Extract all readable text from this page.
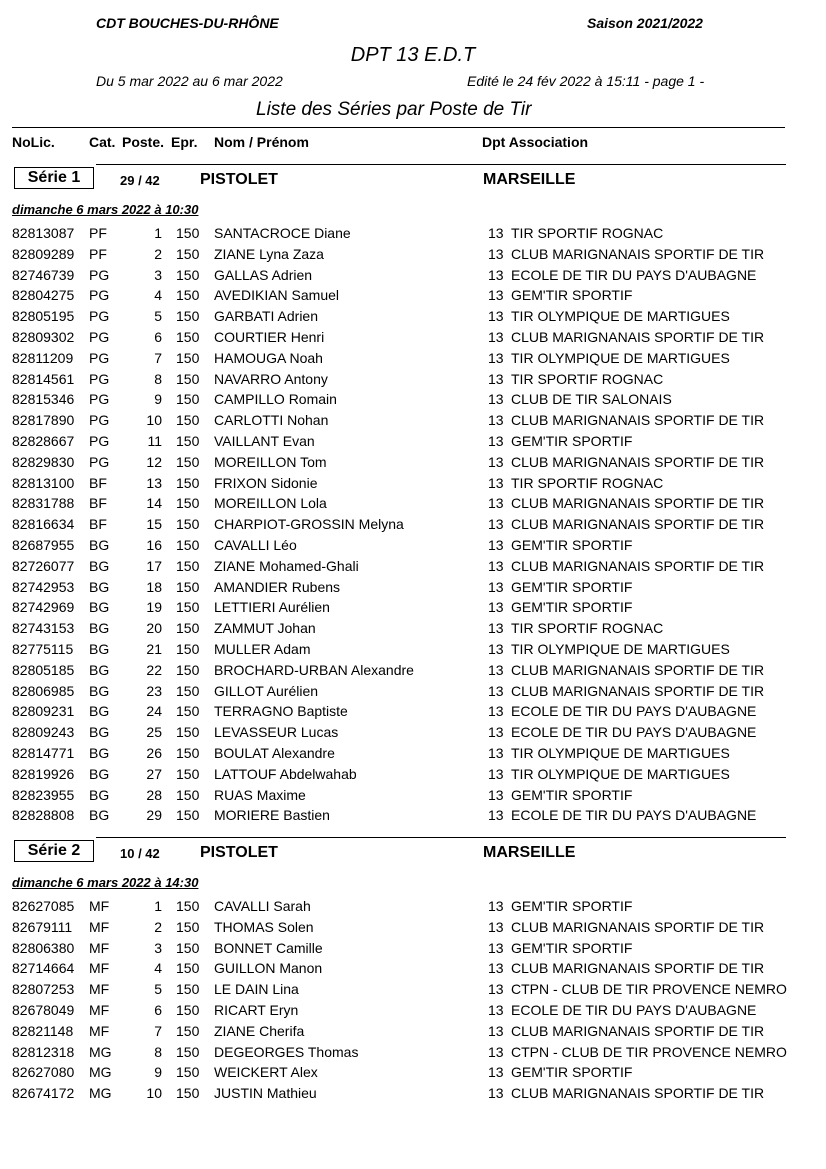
CDT BOUCHES-DU-RHÔNE	Saison 2021/2022
DPT 13 E.D.T
Du 5 mar 2022 au 6 mar 2022	Edité le 24 fév 2022 à 15:11 - page 1 -
Liste des Séries par Poste de Tir
NoLic. Cat. Poste. Epr. Nom / Prénom	Dpt Association
Série 1	29 / 42	PISTOLET	MARSEILLE
dimanche 6 mars 2022 à 10:30
82813087 PF	1 150 SANTACROCE Diane	13 TIR SPORTIF ROGNAC
82809289 PF	2 150 ZIANE Lyna Zaza	13 CLUB MARIGNANAIS SPORTIF DE TIR
82746739 PG	3 150 GALLAS Adrien	13 ECOLE DE TIR DU PAYS D'AUBAGNE
82804275 PG	4 150 AVEDIKIAN Samuel	13 GEM'TIR SPORTIF
82805195 PG	5 150 GARBATI Adrien	13 TIR OLYMPIQUE DE MARTIGUES
82809302 PG	6 150 COURTIER Henri	13 CLUB MARIGNANAIS SPORTIF DE TIR
82811209 PG	7 150 HAMOUGA Noah	13 TIR OLYMPIQUE DE MARTIGUES
82814561 PG	8 150 NAVARRO Antony	13 TIR SPORTIF ROGNAC
82815346 PG	9 150 CAMPILLO Romain	13 CLUB DE TIR SALONAIS
82817890 PG	10 150 CARLOTTI Nohan	13 CLUB MARIGNANAIS SPORTIF DE TIR
82828667 PG	11 150 VAILLANT Evan	13 GEM'TIR SPORTIF
82829830 PG	12 150 MOREILLON Tom	13 CLUB MARIGNANAIS SPORTIF DE TIR
82813100 BF	13 150 FRIXON Sidonie	13 TIR SPORTIF ROGNAC
82831788 BF	14 150 MOREILLON Lola	13 CLUB MARIGNANAIS SPORTIF DE TIR
82816634 BF	15 150 CHARPIOT-GROSSIN Melyna	13 CLUB MARIGNANAIS SPORTIF DE TIR
82687955 BG	16 150 CAVALLI Léo	13 GEM'TIR SPORTIF
82726077 BG	17 150 ZIANE Mohamed-Ghali	13 CLUB MARIGNANAIS SPORTIF DE TIR
82742953 BG	18 150 AMANDIER Rubens	13 GEM'TIR SPORTIF
82742969 BG	19 150 LETTIERI Aurélien	13 GEM'TIR SPORTIF
82743153 BG	20 150 ZAMMUT Johan	13 TIR SPORTIF ROGNAC
82775115 BG	21 150 MULLER Adam	13 TIR OLYMPIQUE DE MARTIGUES
82805185 BG	22 150 BROCHARD-URBAN Alexandre	13 CLUB MARIGNANAIS SPORTIF DE TIR
82806985 BG	23 150 GILLOT Aurélien	13 CLUB MARIGNANAIS SPORTIF DE TIR
82809231 BG	24 150 TERRAGNO Baptiste	13 ECOLE DE TIR DU PAYS D'AUBAGNE
82809243 BG	25 150 LEVASSEUR Lucas	13 ECOLE DE TIR DU PAYS D'AUBAGNE
82814771 BG	26 150 BOULAT Alexandre	13 TIR OLYMPIQUE DE MARTIGUES
82819926 BG	27 150 LATTOUF Abdelwahab	13 TIR OLYMPIQUE DE MARTIGUES
82823955 BG	28 150 RUAS Maxime	13 GEM'TIR SPORTIF
82828808 BG	29 150 MORIERE Bastien	13 ECOLE DE TIR DU PAYS D'AUBAGNE
Série 2	10 / 42	PISTOLET	MARSEILLE
dimanche 6 mars 2022 à 14:30
82627085 MF	1 150 CAVALLI Sarah	13 GEM'TIR SPORTIF
82679111 MF	2 150 THOMAS Solen	13 CLUB MARIGNANAIS SPORTIF DE TIR
82806380 MF	3 150 BONNET Camille	13 GEM'TIR SPORTIF
82714664 MF	4 150 GUILLON Manon	13 CLUB MARIGNANAIS SPORTIF DE TIR
82807253 MF	5 150 LE DAIN Lina	13 CTPN - CLUB DE TIR PROVENCE NEMRO
82678049 MF	6 150 RICART Eryn	13 ECOLE DE TIR DU PAYS D'AUBAGNE
82821148 MF	7 150 ZIANE Cherifa	13 CLUB MARIGNANAIS SPORTIF DE TIR
82812318 MG	8 150 DEGEORGES Thomas	13 CTPN - CLUB DE TIR PROVENCE NEMRO
82627080 MG	9 150 WEICKERT Alex	13 GEM'TIR SPORTIF
82674172 MG	10 150 JUSTIN Mathieu	13 CLUB MARIGNANAIS SPORTIF DE TIR
